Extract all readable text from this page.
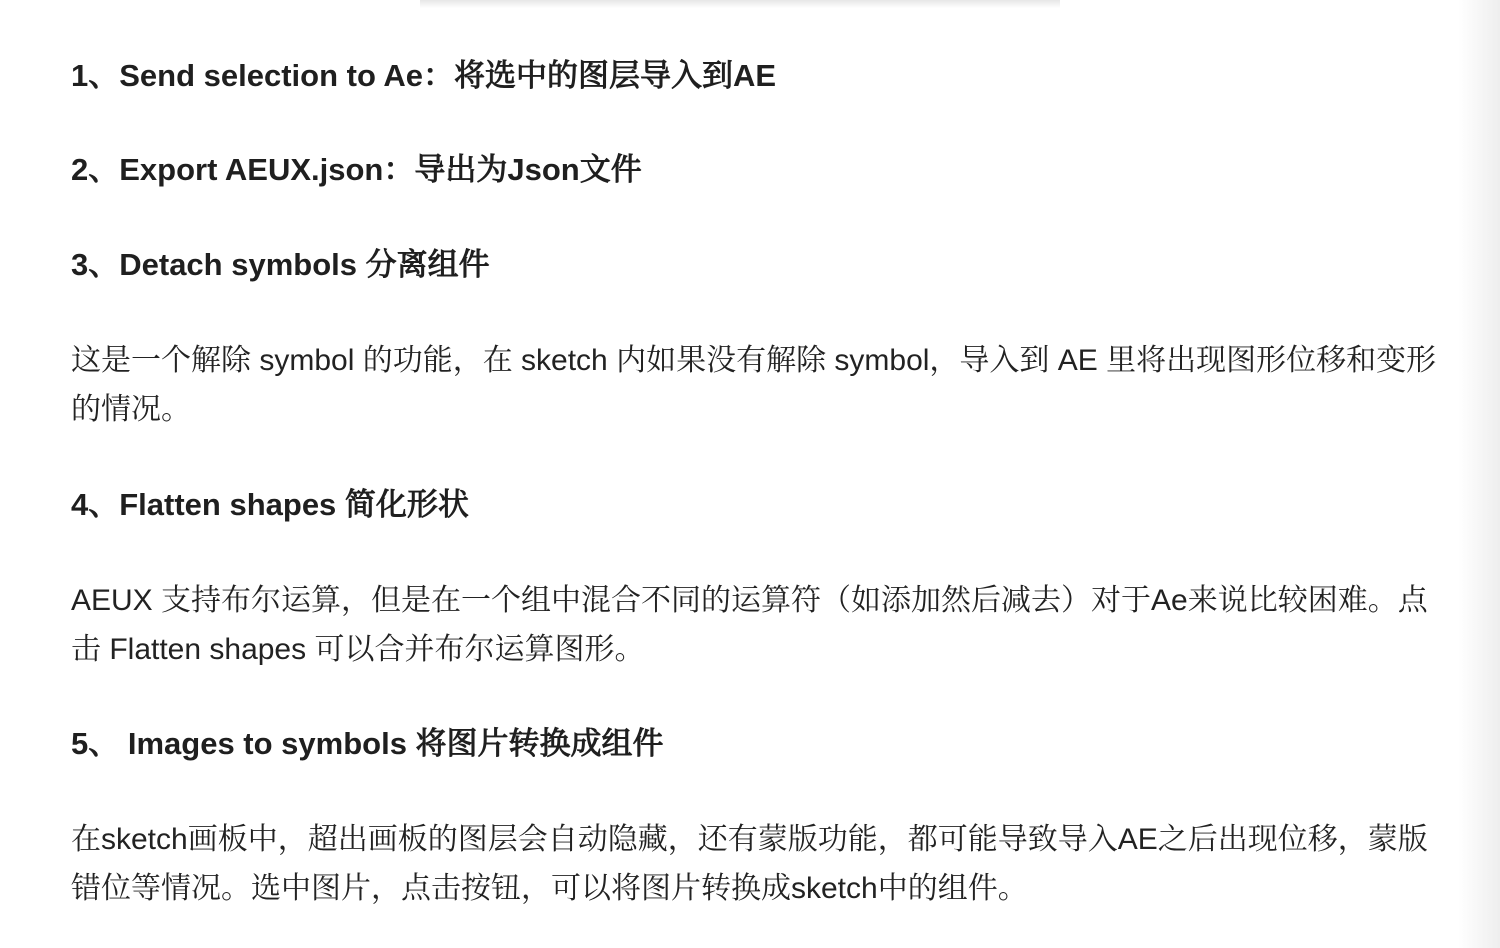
1、Send selection to Ae：将选中的图层导入到AE
2、Export AEUX.json：导出为Json文件
3、Detach symbols 分离组件

这是一个解除 symbol 的功能，在 sketch 内如果没有解除 symbol，导入到 AE 里将出现图形位移和变形的情况。

4、Flatten shapes 简化形状

AEUX 支持布尔运算，但是在一个组中混合不同的运算符（如添加然后减去）对于Ae来说比较困难。点击 Flatten shapes 可以合并布尔运算图形。

5、 Images to symbols 将图片转换成组件

在sketch画板中，超出画板的图层会自动隐藏，还有蒙版功能，都可能导致导入AE之后出现位移，蒙版错位等情况。选中图片，点击按钮，可以将图片转换成sketch中的组件。
